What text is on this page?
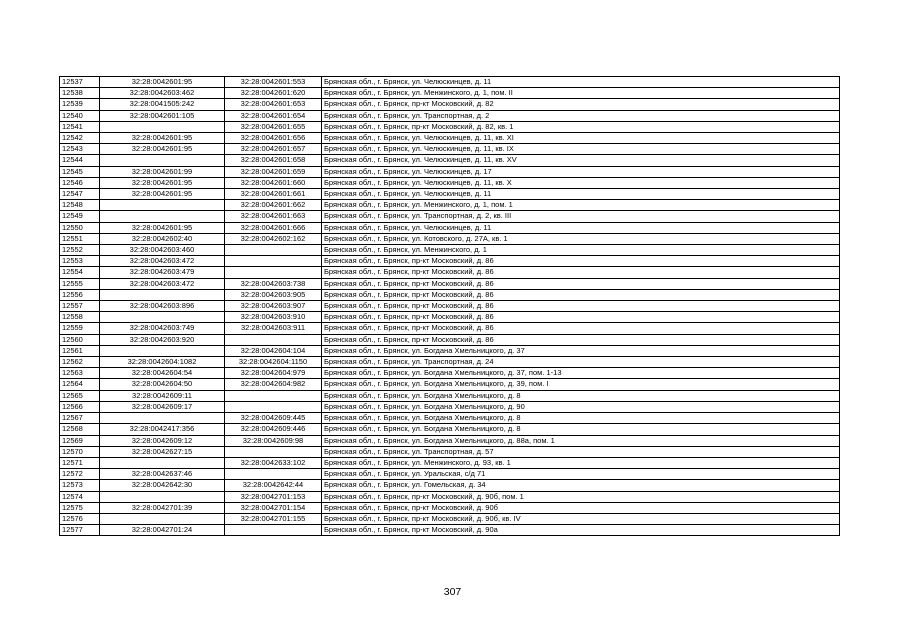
12537	32:28:0042601:95	32:28:0042601:553	Брянская обл., г. Брянск, ул. Челюскинцев, д. 11
12538	32:28:0042603:462	32:28:0042601:620	Брянская обл., г. Брянск, ул. Менжинского, д. 1, пом. II
12539	32:28:0041505:242	32:28:0042601:653	Брянская обл., г. Брянск, пр-кт Московский, д. 82
12540	32:28:0042601:105	32:28:0042601:654	Брянская обл., г. Брянск, ул. Транспортная, д. 2
12541		32:28:0042601:655	Брянская обл., г. Брянск, пр-кт Московский, д. 82, кв. 1
12542	32:28:0042601:95	32:28:0042601:656	Брянская обл., г. Брянск, ул. Челюскинцев, д. 11, кв. XI
12543	32:28:0042601:95	32:28:0042601:657	Брянская обл., г. Брянск, ул. Челюскинцев, д. 11, кв. IX
12544		32:28:0042601:658	Брянская обл., г. Брянск, ул. Челюскинцев, д. 11, кв. XV
12545	32:28:0042601:99	32:28:0042601:659	Брянская обл., г. Брянск, ул. Челюскинцев, д. 17
12546	32:28:0042601:95	32:28:0042601:660	Брянская обл., г. Брянск, ул. Челюскинцев, д. 11, кв. X
12547	32:28:0042601:95	32:28:0042601:661	Брянская обл., г. Брянск, ул. Челюскинцев, д. 11
12548		32:28:0042601:662	Брянская обл., г. Брянск, ул. Менжинского, д. 1, пом. 1
12549		32:28:0042601:663	Брянская обл., г. Брянск, ул. Транспортная, д. 2, кв. III
12550	32:28:0042601:95	32:28:0042601:666	Брянская обл., г. Брянск, ул. Челюскинцев, д. 11
12551	32:28:0042602:40	32:28:0042602:162	Брянская обл., г. Брянск, ул. Котовского, д. 27А, кв. 1
12552	32:28:0042603:460		Брянская обл., г. Брянск, ул. Менжинского, д. 1
12553	32:28:0042603:472		Брянская обл., г. Брянск, пр-кт Московский, д. 86
12554	32:28:0042603:479		Брянская обл., г. Брянск, пр-кт Московский, д. 86
12555	32:28:0042603:472	32:28:0042603:738	Брянская обл., г. Брянск, пр-кт Московский, д. 86
12556		32:28:0042603:905	Брянская обл., г. Брянск, пр-кт Московский, д. 86
12557	32:28:0042603:896	32:28:0042603:907	Брянская обл., г. Брянск, пр-кт Московский, д. 86
12558		32:28:0042603:910	Брянская обл., г. Брянск, пр-кт Московский, д. 86
12559	32:28:0042603:749	32:28:0042603:911	Брянская обл., г. Брянск, пр-кт Московский, д. 86
12560	32:28:0042603:920		Брянская обл., г. Брянск, пр-кт Московский, д. 86
12561		32:28:0042604:104	Брянская обл., г. Брянск, ул. Богдана Хмельницкого, д. 37
12562	32:28:0042604:1082	32:28:0042604:1150	Брянская обл., г. Брянск, ул. Транспортная, д. 24
12563	32:28:0042604:54	32:28:0042604:979	Брянская обл., г. Брянск, ул. Богдана Хмельницкого, д. 37, пом. 1-13
12564	32:28:0042604:50	32:28:0042604:982	Брянская обл., г. Брянск, ул. Богдана Хмельницкого, д. 39, пом. I
12565	32:28:0042609:11		Брянская обл., г. Брянск, ул. Богдана Хмельницкого, д. 8
12566	32:28:0042609:17		Брянская обл., г. Брянск, ул. Богдана Хмельницкого, д. 90
12567		32:28:0042609:445	Брянская обл., г. Брянск, ул. Богдана Хмельницкого, д. 8
12568	32:28:0042417:356	32:28:0042609:446	Брянская обл., г. Брянск, ул. Богдана Хмельницкого, д. 8
12569	32:28:0042609:12	32:28:0042609:98	Брянская обл., г. Брянск, ул. Богдана Хмельницкого, д. 88а, пом. 1
12570	32:28:0042627:15		Брянская обл., г. Брянск, ул. Транспортная, д. 57
12571		32:28:0042633:102	Брянская обл., г. Брянск, ул. Менжинского, д. 93, кв. 1
12572	32:28:0042637:46		Брянская обл., г. Брянск, ул. Уральская, с/д 71
12573	32:28:0042642:30	32:28:0042642:44	Брянская обл., г. Брянск, ул. Гомельская, д. 34
12574		32:28:0042701:153	Брянская обл., г. Брянск, пр-кт Московский, д. 90б, пом. 1
12575	32:28:0042701:39	32:28:0042701:154	Брянская обл., г. Брянск, пр-кт Московский, д. 90б
12576		32:28:0042701:155	Брянская обл., г. Брянск, пр-кт Московский, д. 90б, кв. IV
12577	32:28:0042701:24		Брянская обл., г. Брянск, пр-кт Московский, д. 90а
307
